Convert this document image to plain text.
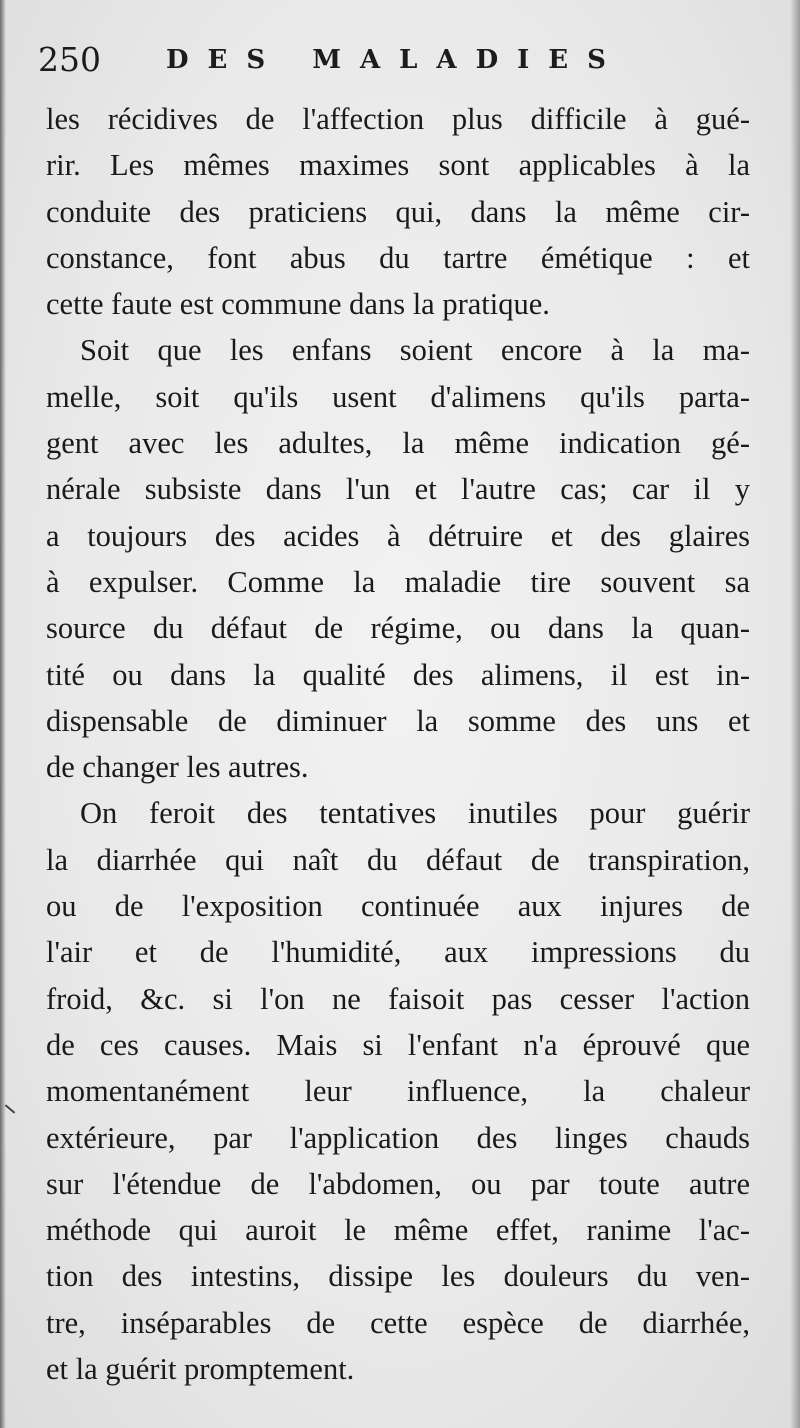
250	DES MALADIES
les récidives de l'affection plus difficile à gué-
rir. Les mêmes maximes sont applicables à la
conduite des praticiens qui, dans la même cir-
constance, font abus du tartre émétique : et
cette faute est commune dans la pratique.
Soit que les enfans soient encore à la ma-
melle, soit qu'ils usent d'alimens qu'ils parta-
gent avec les adultes, la même indication gé-
nérale subsiste dans l'un et l'autre cas; car il y
a toujours des acides à détruire et des glaires
à expulser. Comme la maladie tire souvent sa
source du défaut de régime, ou dans la quan-
tité ou dans la qualité des alimens, il est in-
dispensable de diminuer la somme des uns et
de changer les autres.
On feroit des tentatives inutiles pour guérir
la diarrhée qui naît du défaut de transpiration,
ou de l'exposition continuée aux injures de
l'air et de l'humidité, aux impressions du
froid, &c. si l'on ne faisoit pas cesser l'action
de ces causes. Mais si l'enfant n'a éprouvé que
momentanément leur influence, la chaleur
extérieure, par l'application des linges chauds
sur l'étendue de l'abdomen, ou par toute autre
méthode qui auroit le même effet, ranime l'ac-
tion des intestins, dissipe les douleurs du ven-
tre, inséparables de cette espèce de diarrhée,
et la guérit promptement.
